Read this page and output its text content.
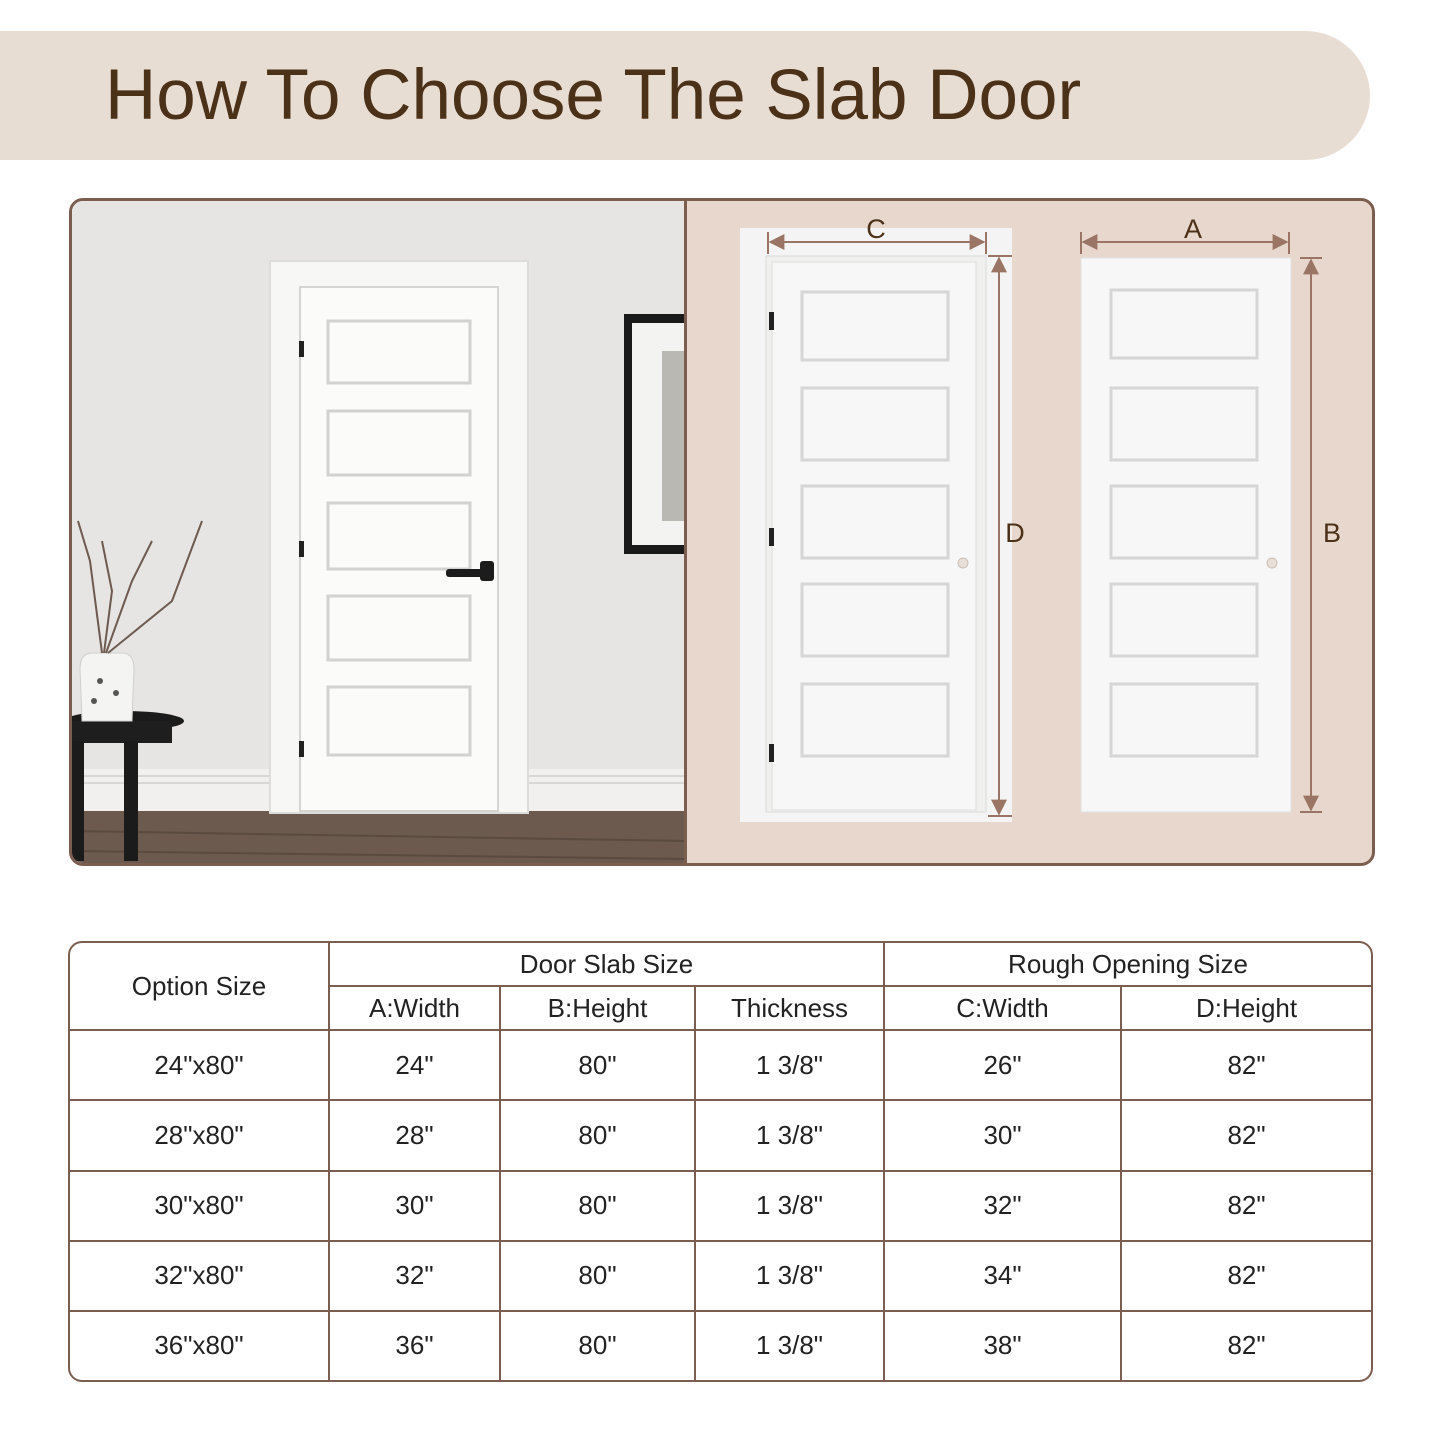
How To Choose The Slab Door
C	A
D	B
Option Size	Door Slab Size			Rough Opening Size	
	A:Width	B:Height	Thickness	C:Width	D:Height
24"x80"	24"	80"	1 3/8"	26"	82"
28"x80"	28"	80"	1 3/8"	30"	82"
30"x80"	30"	80"	1 3/8"	32"	82"
32"x80"	32"	80"	1 3/8"	34"	82"
36"x80"	36"	80"	1 3/8"	38"	82"
